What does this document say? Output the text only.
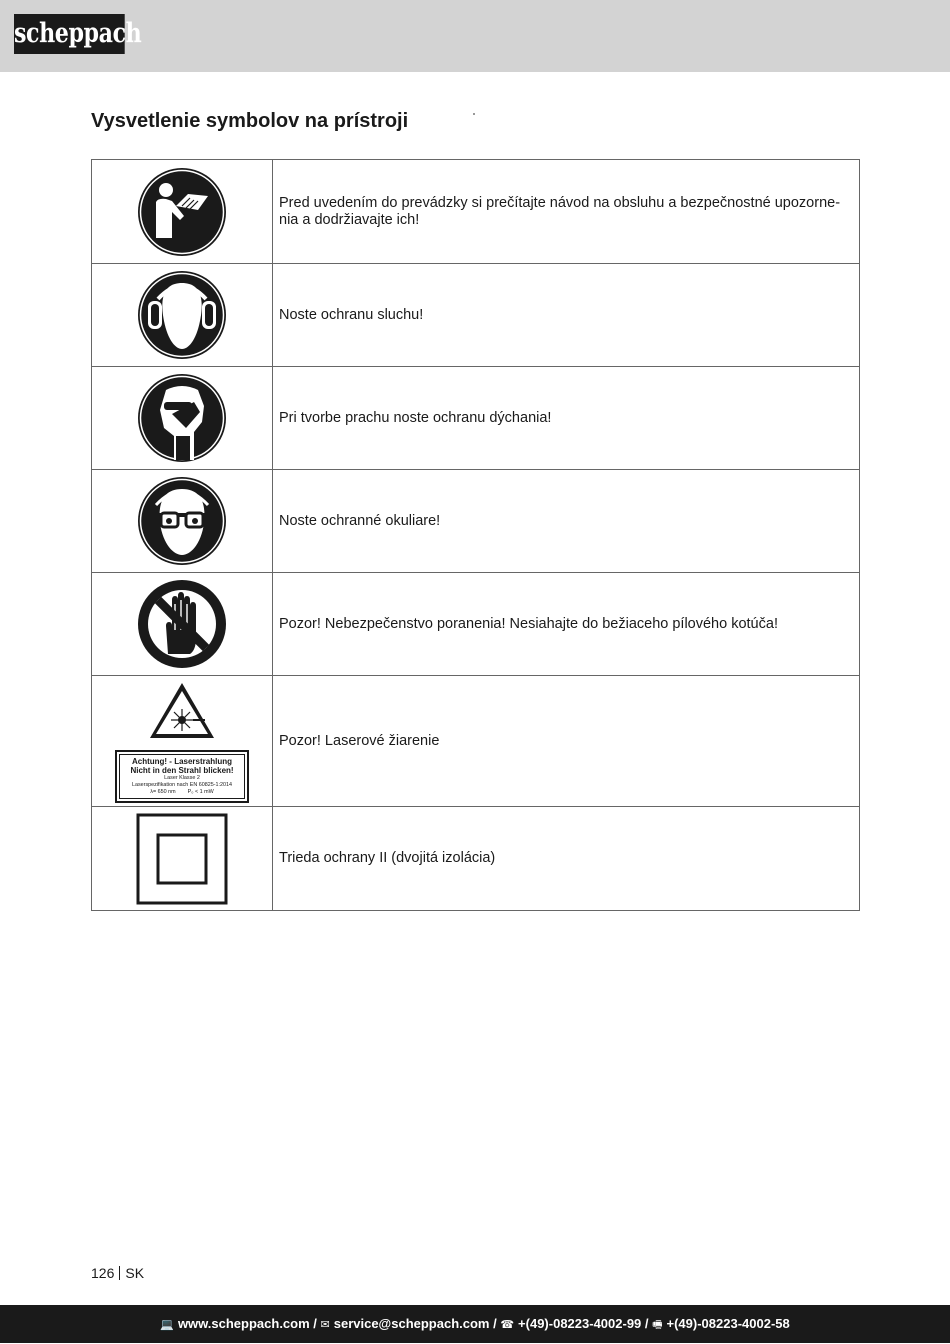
scheppach
Vysvetlenie symbolov na prístroji
	Pred uvedením do prevádzky si prečítajte návod na obsluhu a bezpečnostné upozorne-nia a dodržiavajte ich!

	Noste ochranu sluchu!

	Pri tvorbe prachu noste ochranu dýchania!

	Noste ochranné okuliare!

	Pozor! Nebezpečenstvo poranenia! Nesiahajte do bežiaceho pílového kotúča!

Achtung! - Laserstrahlung
Nicht in den Strahl blicken!
Laser Klasse 2
Laserspezifikation nach EN 60825-1:2014
λ= 650 nm P₀ < 1 mW	Pozor! Laserové žiarenie

	Trieda ochrany II (dvojitá izolácia)
126 SK
💻 www.scheppach.com / ✉ service@scheppach.com / ☎ +(49)-08223-4002-99 / 🖷 +(49)-08223-4002-58
